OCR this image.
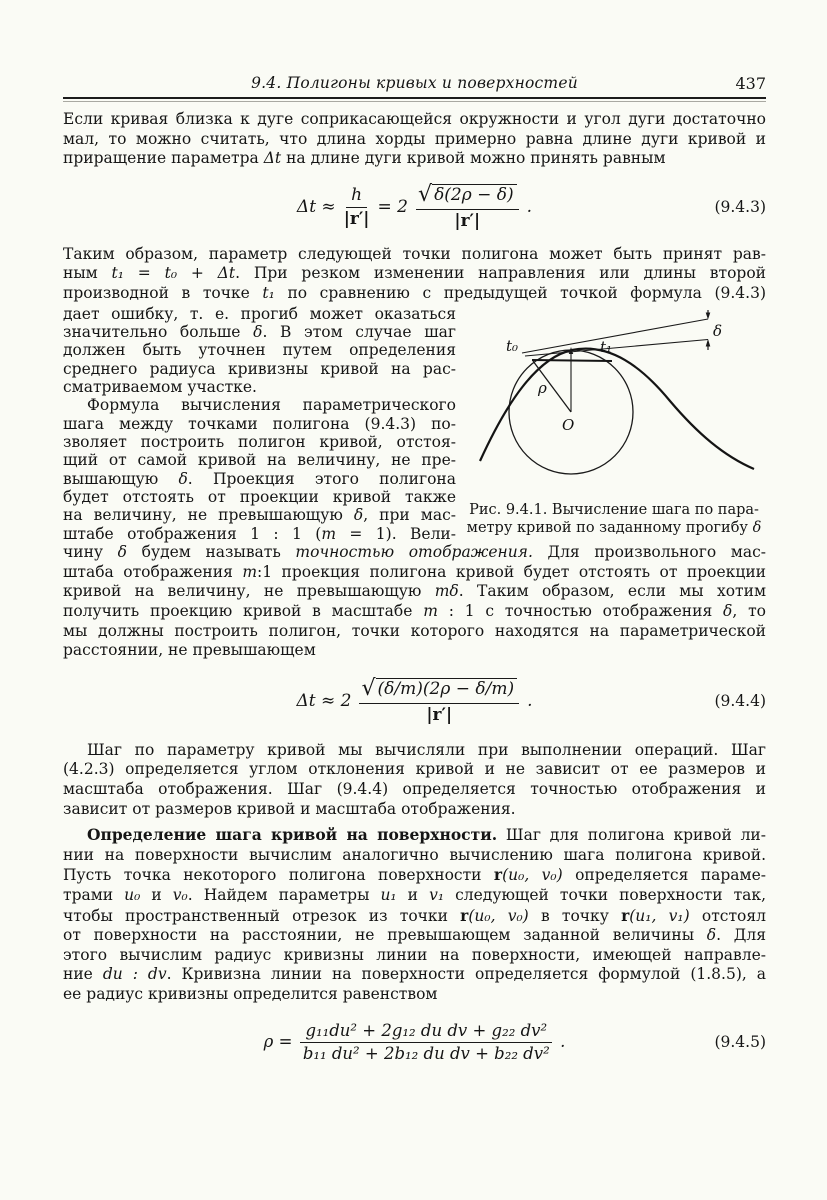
9.4. Полигоны кривых и поверхностей	437
Если кривая близка к дуге соприкасающейся окружности и угол дуги достаточно
мал, то можно считать, что длина хорды примерно равна длине дуги кривой и
приращение параметра Δt на длине дуги кривой можно принять равным
$\Delta t \approx \frac{h}{|r'|} = 2 \frac{√ \delta(2\rho - \delta)}{|r'|}$ .	(9.4.3)
Таким образом, параметр следующей точки полигона может быть принят рав-
ным t₁ = t₀ + Δt. При резком изменении направления или длины второй
производной в точке t₁ по сравнению с предыдущей точкой формула (9.4.3)
дает ошибку, т. е. прогиб может оказаться
значительно больше δ. В этом случае шаг
должен быть уточнен путем определения
среднего радиуса кривизны кривой на рас-
сматриваемом участке.
Формула вычисления параметрического
шага между точками полигона (9.4.3) по-
зволяет построить полигон кривой, отстоя-
щий от самой кривой на величину, не пре-
вышающую δ. Проекция этого полигона
будет отстоять от проекции кривой также
на величину, не превышающую δ, при мас-
штабе отображения 1 : 1 (m = 1). Вели-
t₀	t₁
δ
ρ
O
Рис. 9.4.1. Вычисление шага по пара-
метру кривой по заданному прогибу δ
чину δ будем называть точностью отображения. Для произвольного мас-
штаба отображения m:1 проекция полигона кривой будет отстоять от проекции
кривой на величину, не превышающую mδ. Таким образом, если мы хотим
получить проекцию кривой в масштабе m : 1 с точностью отображения δ, то
мы должны построить полигон, точки которого находятся на параметрической
расстоянии, не превышающем
$\Delta t \approx 2 \frac{√ (\delta/m)(2\rho - \delta/m)}{|r'|}$ .	(9.4.4)
Шаг по параметру кривой мы вычисляли при выполнении операций. Шаг
(4.2.3) определяется углом отклонения кривой и не зависит от ее размеров и
масштаба отображения. Шаг (9.4.4) определяется точностью отображения и
зависит от размеров кривой и масштаба отображения.
Определение шага кривой на поверхности. Шаг для полигона кривой ли-
нии на поверхности вычислим аналогично вычислению шага полигона кривой.
Пусть точка некоторого полигона поверхности r(u₀, v₀) определяется параме-
трами u₀ и v₀. Найдем параметры u₁ и v₁ следующей точки поверхности так,
чтобы пространственный отрезок из точки r(u₀, v₀) в точку r(u₁, v₁) отстоял
от поверхности на расстоянии, не превышающем заданной величины δ. Для
этого вычислим радиус кривизны линии на поверхности, имеющей направле-
ние du : dv. Кривизна линии на поверхности определяется формулой (1.8.5), а
ее радиус кривизны определится равенством
$\rho = \frac{\text{g₁₁du² + 2g₁₂ du dv + g₂₂ dv²}}{\text{b₁₁ du² + 2b₁₂ du dv + b₂₂ dv²}}$ .	(9.4.5)
